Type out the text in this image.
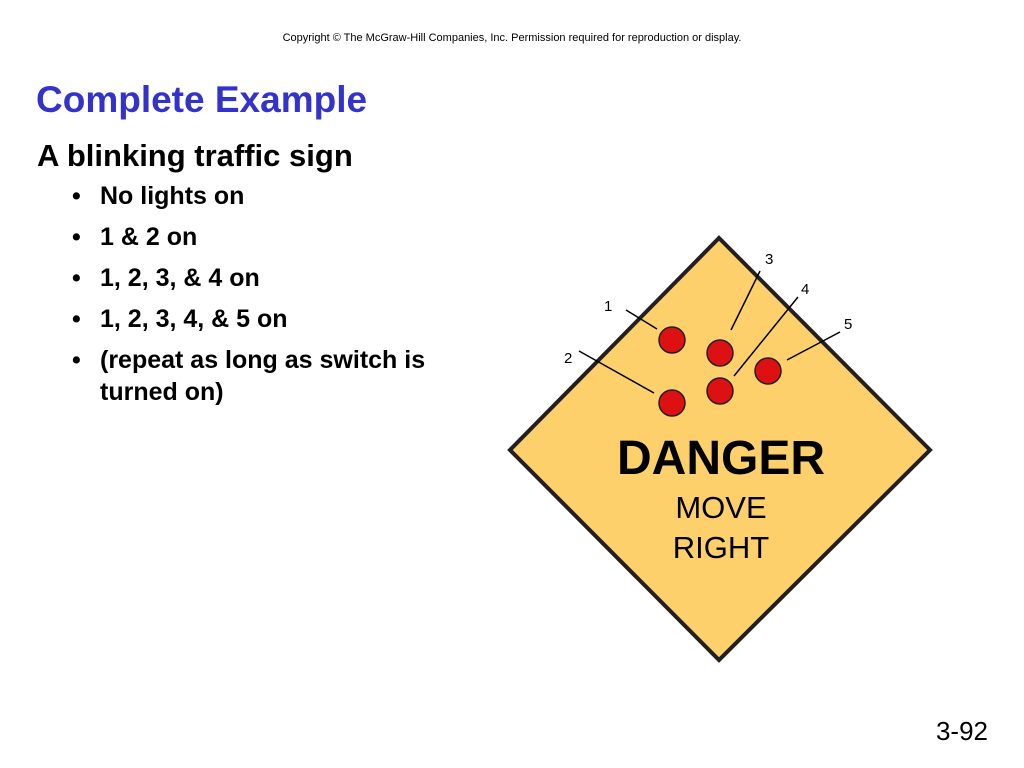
Copyright © The McGraw-Hill Companies, Inc. Permission required for reproduction or display.
Complete Example
A blinking traffic sign
• No lights on
• 1 & 2 on
• 1, 2, 3, & 4 on
• 1, 2, 3, 4, & 5 on
• (repeat as long as switch is turned on)
1
2
3
4
5
DANGER
MOVE
RIGHT
3-92
